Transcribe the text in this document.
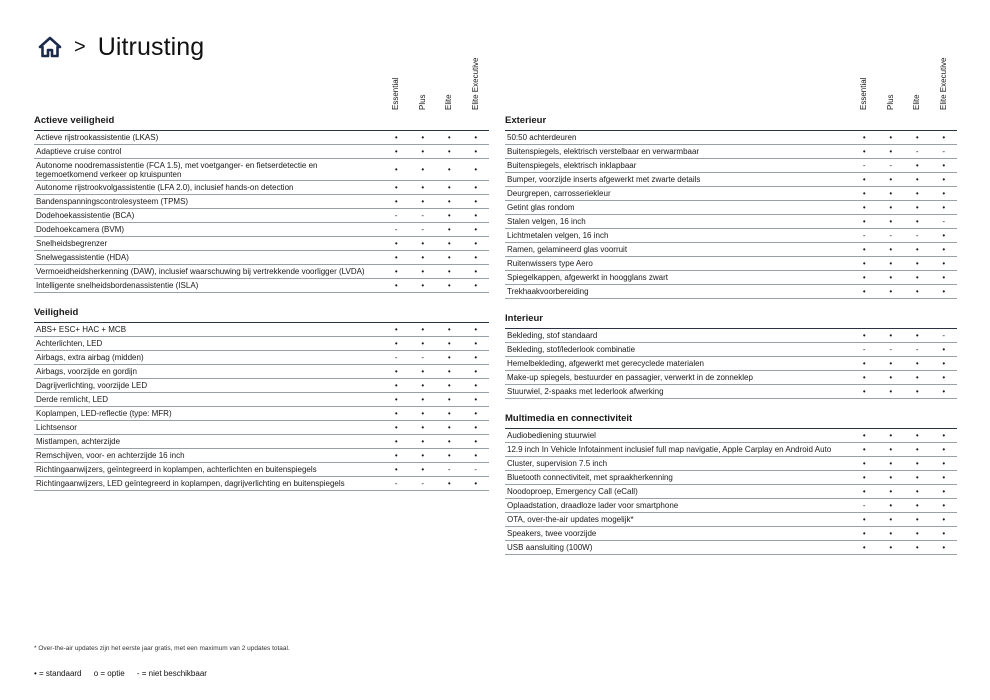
> Uitrusting
Essential Plus Elite Elite Executive
Actieve veiligheid
Actieve rijstrookassistentie (LKAS)	•	•	•	•
Adaptieve cruise control	•	•	•	•
Autonome noodremassistentie (FCA 1.5), met voetganger- en fietserdetectie en tegemoetkomend verkeer op kruispunten	•	•	•	•
Autonome rijstrookvolgassistentie (LFA 2.0), inclusief hands-on detection	•	•	•	•
Bandenspanningscontrolesysteem (TPMS)	•	•	•	•
Dodehoekassistentie (BCA)	-	-	•	•
Dodehoekcamera (BVM)	-	-	•	•
Snelheidsbegrenzer	•	•	•	•
Snelwegassistentie (HDA)	•	•	•	•
Vermoeidheidsherkenning (DAW), inclusief waarschuwing bij vertrekkende voorligger (LVDA)	•	•	•	•
Intelligente snelheidsbordenassistentie (ISLA)	•	•	•	•
Veiligheid
ABS+ ESC+ HAC + MCB	•	•	•	•
Achterlichten, LED	•	•	•	•
Airbags, extra airbag (midden)	-	-	•	•
Airbags, voorzijde en gordijn	•	•	•	•
Dagrijverlichting, voorzijde LED	•	•	•	•
Derde remlicht, LED	•	•	•	•
Koplampen, LED-reflectie (type: MFR)	•	•	•	•
Lichtsensor	•	•	•	•
Mistlampen, achterzijde	•	•	•	•
Remschijven, voor- en achterzijde 16 inch	•	•	•	•
Richtingaanwijzers, geïntegreerd in koplampen, achterlichten en buitenspiegels	•	•	-	-
Richtingaanwijzers, LED geïntegreerd in koplampen, dagrijverlichting en buitenspiegels	-	-	•	•
Essential Plus Elite Elite Executive
Exterieur
50:50 achterdeuren	•	•	•	•
Buitenspiegels, elektrisch verstelbaar en verwarmbaar	•	•	-	-
Buitenspiegels, elektrisch inklapbaar	-	-	•	•
Bumper, voorzijde inserts afgewerkt met zwarte details	•	•	•	•
Deurgrepen, carrosseriekleur	•	•	•	•
Getint glas rondom	•	•	•	•
Stalen velgen, 16 inch	•	•	•	-
Lichtmetalen velgen, 16 inch	-	-	-	•
Ramen, gelamineerd glas voorruit	•	•	•	•
Ruitenwissers type Aero	•	•	•	•
Spiegelkappen, afgewerkt in hoogglans zwart	•	•	•	•
Trekhaakvoorbereiding	•	•	•	•
Interieur
Bekleding, stof standaard	•	•	•	-
Bekleding, stof/lederlook combinatie	-	-	-	•
Hemelbekleding, afgewerkt met gerecyclede materialen	•	•	•	•
Make-up spiegels, bestuurder en passagier, verwerkt in de zonneklep	•	•	•	•
Stuurwiel, 2-spaaks met lederlook afwerking	•	•	•	•
Multimedia en connectiviteit
Audiobediening stuurwiel	•	•	•	•
12.9 inch In Vehicle Infotainment inclusief full map navigatie, Apple Carplay en Android Auto	•	•	•	•
Cluster, supervision 7.5 inch	•	•	•	•
Bluetooth connectiviteit, met spraakherkenning	•	•	•	•
Noodoproep, Emergency Call (eCall)	•	•	•	•
Oplaadstation, draadloze lader voor smartphone	-	•	•	•
OTA, over-the-air updates mogelijk*	•	•	•	•
Speakers, twee voorzijde	•	•	•	•
USB aansluiting (100W)	•	•	•	•
* Over-the-air updates zijn het eerste jaar gratis, met een maximum van 2 updates totaal.
• = standaard o = optie - = niet beschikbaar
